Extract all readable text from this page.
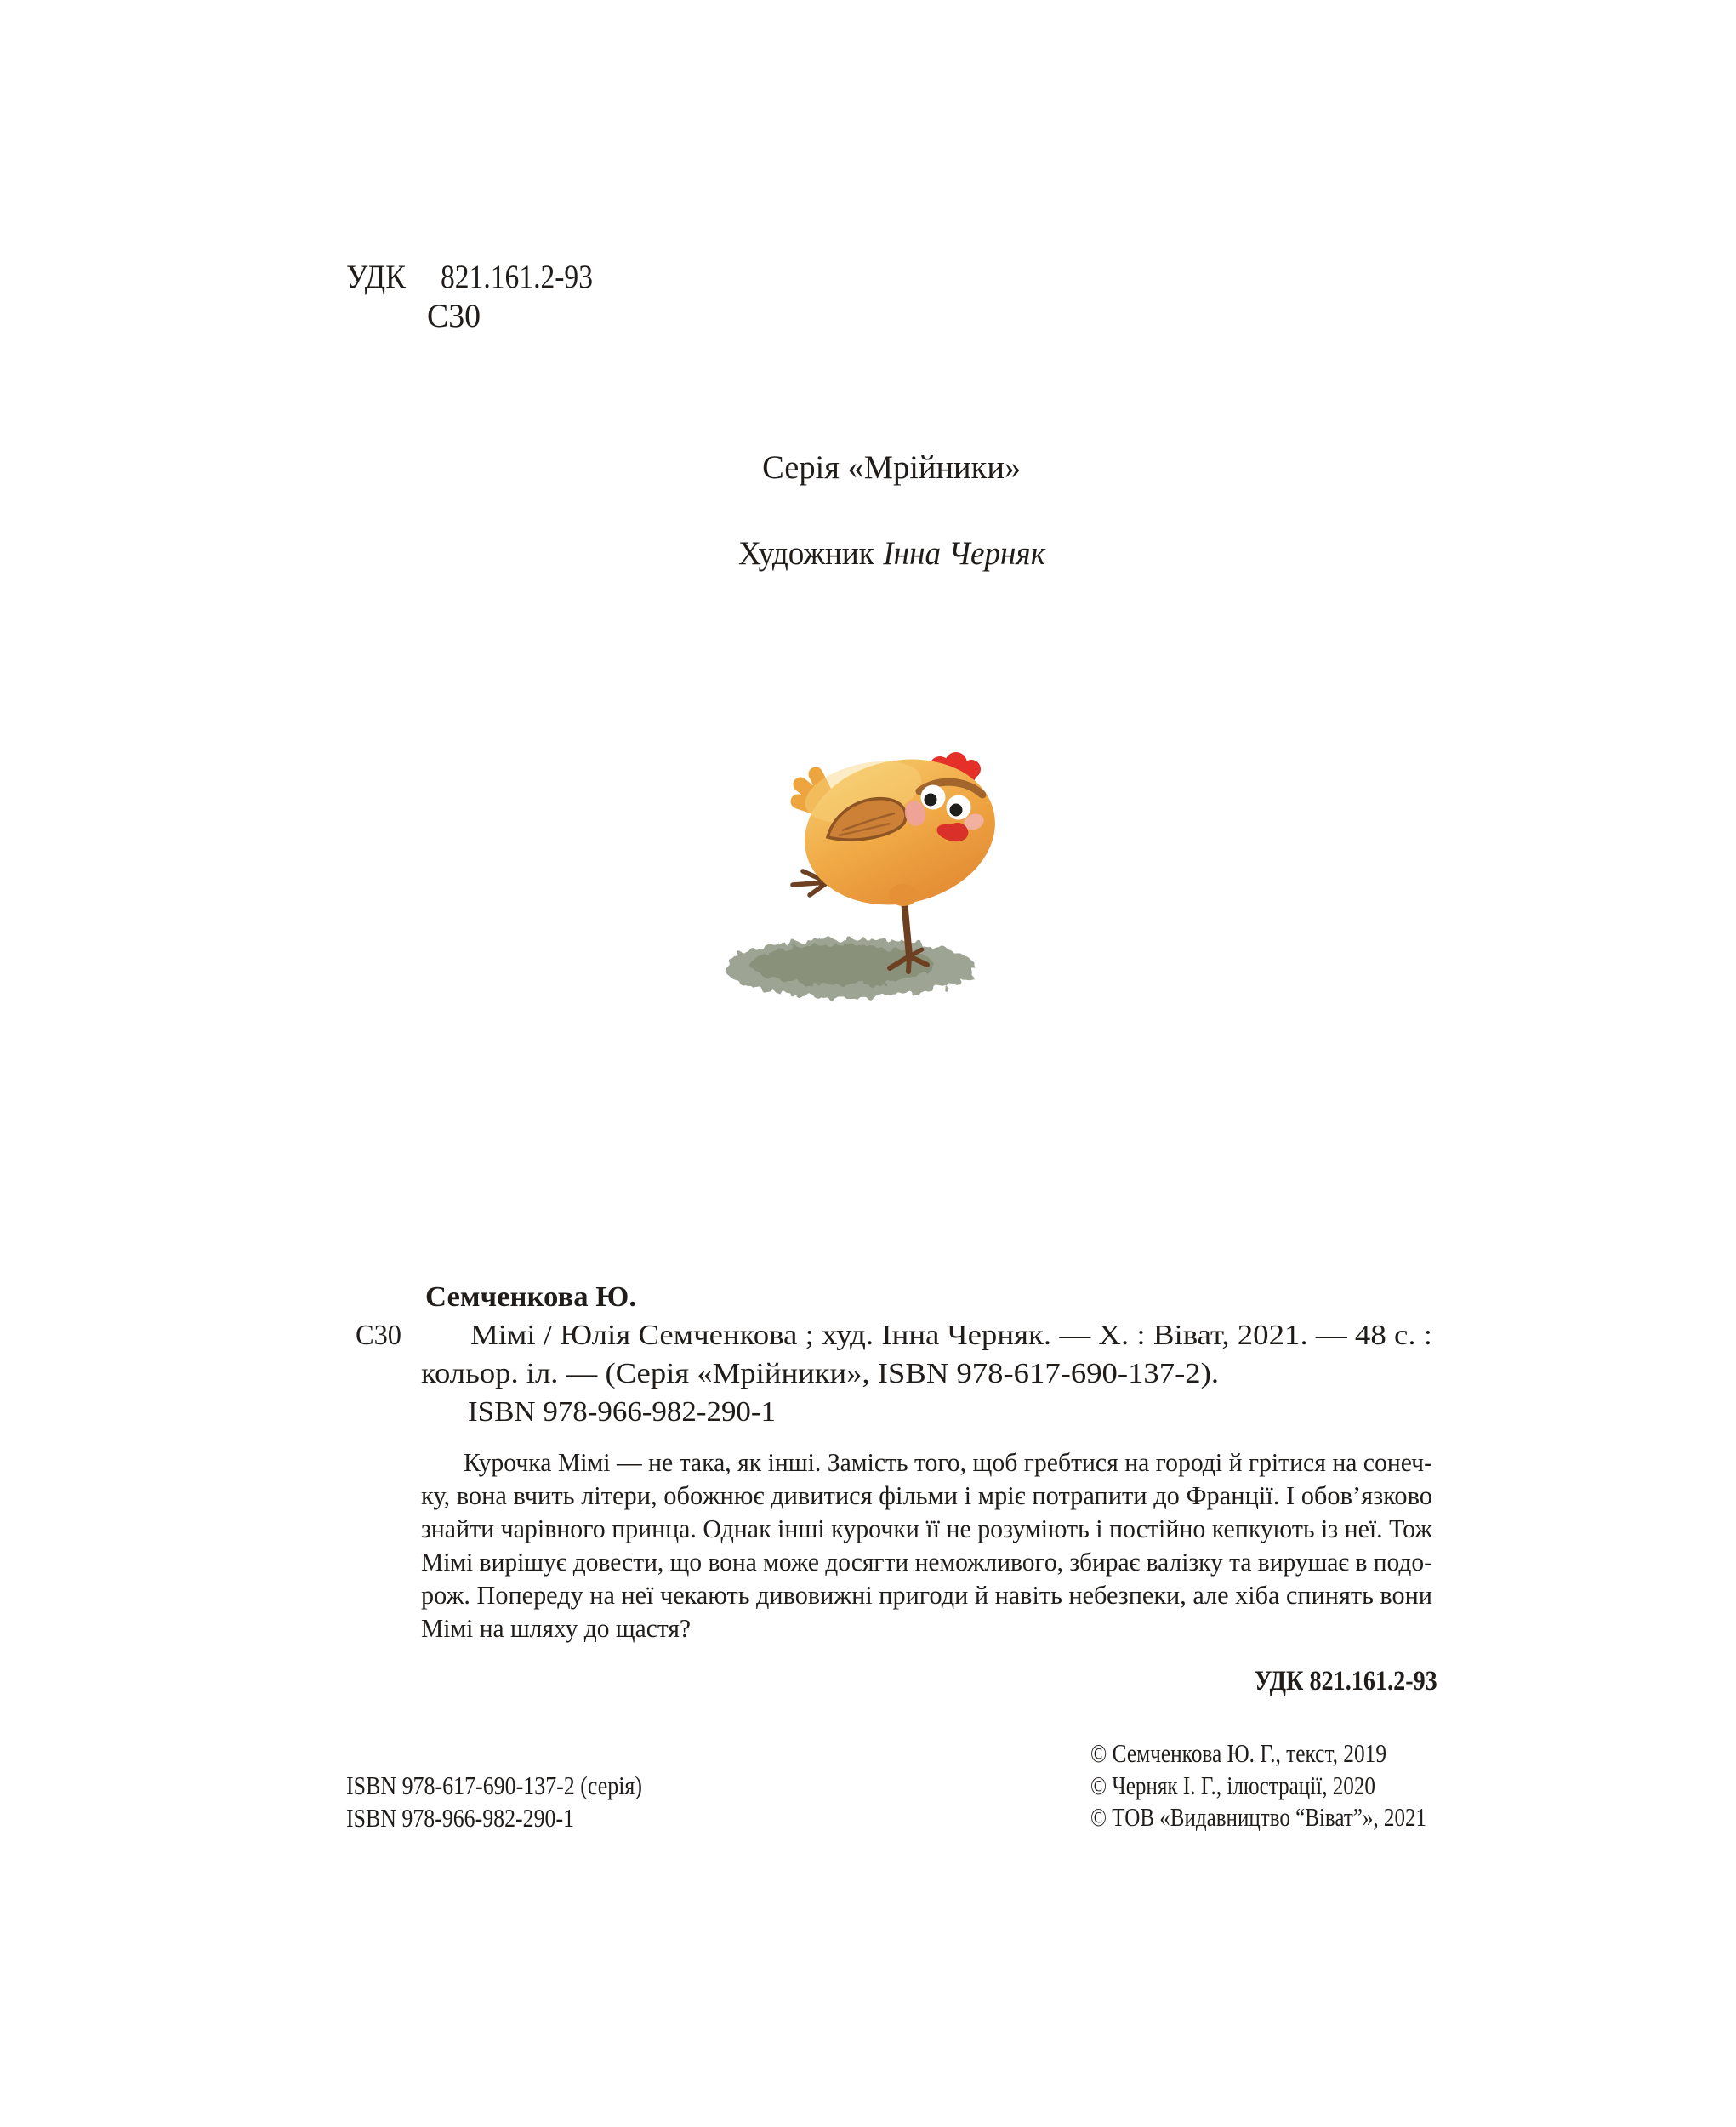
УДК 821.161.2-93
С30
Серія «Мрійники»
Художник Інна Черняк
С30
Семченкова Ю.
Мімі / Юлія Семченкова ; худ. Інна Черняк. — Х. : Віват, 2021. — 48 с. :
кольор. іл. — (Серія «Мрійники», ISBN 978-617-690-137-2).
ISBN 978-966-982-290-1
Курочка Мімі — не така, як інші. Замість того, щоб гребтися на городі й грітися на сонеч-
ку, вона вчить літери, обожнює дивитися фільми і мріє потрапити до Франції. І обов’язково
знайти чарівного принца. Однак інші курочки її не розуміють і постійно кепкують із неї. Тож
Мімі вирішує довести, що вона може досягти неможливого, збирає валізку та вирушає в подо-
рож. Попереду на неї чекають дивовижні пригоди й навіть небезпеки, але хіба спинять вони
Мімі на шляху до щастя?
УДК 821.161.2-93
ISBN 978-617-690-137-2 (серія)
ISBN 978-966-982-290-1
© Семченкова Ю. Г., текст, 2019
© Черняк І. Г., ілюстрації, 2020
© ТОВ «Видавництво “Віват”», 2021
